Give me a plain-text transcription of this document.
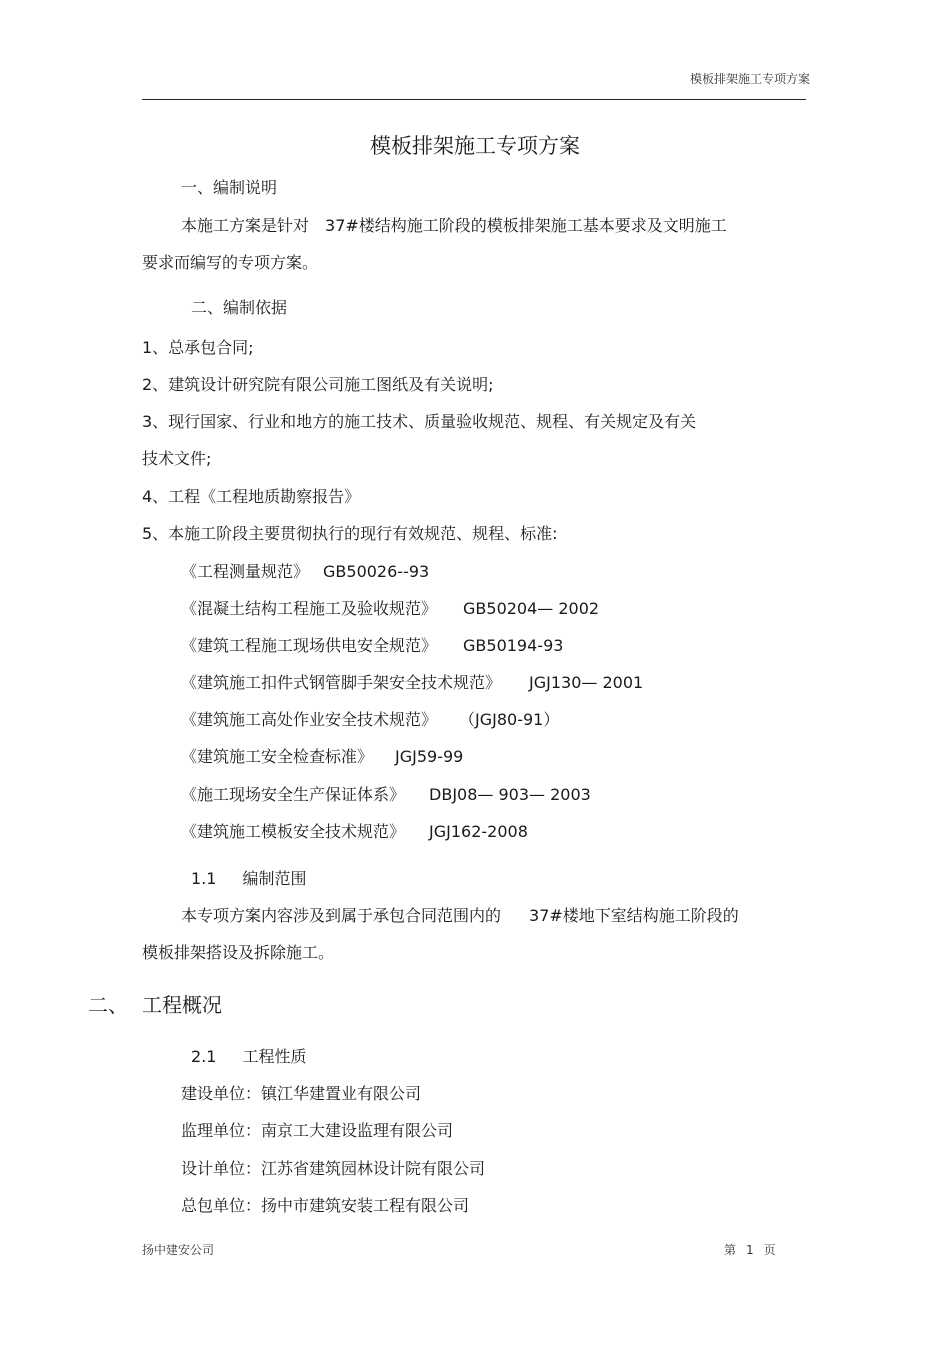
模板排架施工专项方案
模板排架施工专项方案
一、编制说明
本施工方案是针对 37#楼结构施工阶段的模板排架施工基本要求及文明施工
要求而编写的专项方案。
二、编制依据
1、总承包合同;
2、建筑设计研究院有限公司施工图纸及有关说明;
3、现行国家、行业和地方的施工技术、质量验收规范、规程、有关规定及有关
技术文件;
4、工程《工程地质勘察报告》
5、本施工阶段主要贯彻执行的现行有效规范、规程、标准:
《工程测量规范》 GB50026--93
《混凝土结构工程施工及验收规范》 GB50204— 2002
《建筑工程施工现场供电安全规范》 GB50194-93
《建筑施工扣件式钢管脚手架安全技术规范》 JGJ130— 2001
《建筑施工高处作业安全技术规范》 （JGJ80-91）
《建筑施工安全检查标准》 JGJ59-99
《施工现场安全生产保证体系》 DBJ08— 903— 2003
《建筑施工模板安全技术规范》 JGJ162-2008
1.1 编制范围
本专项方案内容涉及到属于承包合同范围内的 37#楼地下室结构施工阶段的
模板排架搭设及拆除施工。
二、 工程概况
2.1 工程性质
建设单位：镇江华建置业有限公司
监理单位：南京工大建设监理有限公司
设计单位：江苏省建筑园林设计院有限公司
总包单位：扬中市建筑安装工程有限公司
扬中建安公司	第 1 页
